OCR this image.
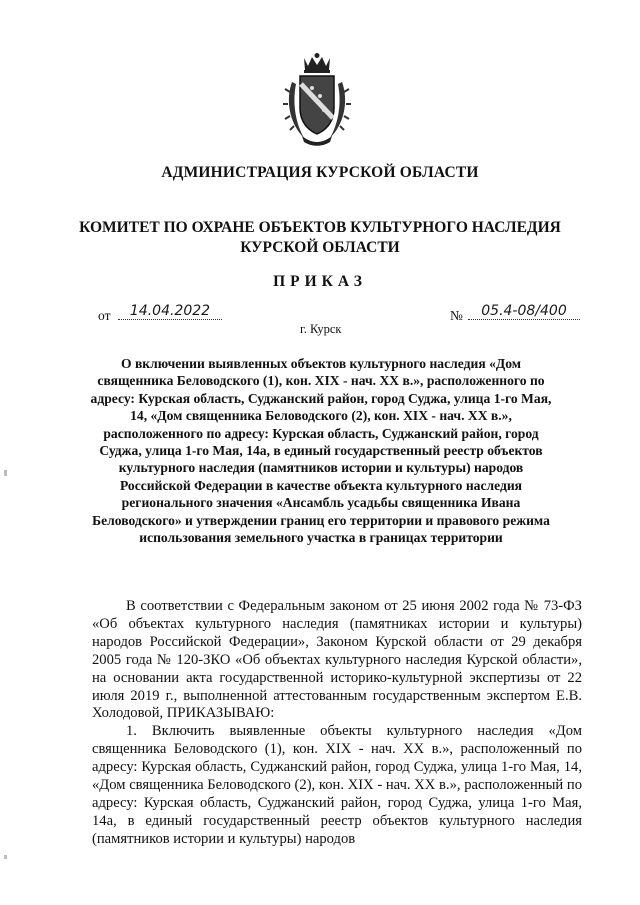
АДМИНИСТРАЦИЯ КУРСКОЙ ОБЛАСТИ
КОМИТЕТ ПО ОХРАНЕ ОБЪЕКТОВ КУЛЬТУРНОГО НАСЛЕДИЯ
КУРСКОЙ ОБЛАСТИ
ПРИКАЗ
от	14.04.2022	№	05.4-08/400
г. Курск
О включении выявленных объектов культурного наследия «Дом священника Беловодского (1), кон. XIX - нач. XX в.», расположенного по адресу: Курская область, Суджанский район, город Суджа, улица 1-го Мая, 14, «Дом священника Беловодского (2), кон. XIX - нач. XX в.», расположенного по адресу: Курская область, Суджанский район, город Суджа, улица 1-го Мая, 14а, в единый государственный реестр объектов культурного наследия (памятников истории и культуры) народов Российской Федерации в качестве объекта культурного наследия регионального значения «Ансамбль усадьбы священника Ивана Беловодского» и утверждении границ его территории и правового режима использования земельного участка в границах территории

В соответствии с Федеральным законом от 25 июня 2002 года № 73-ФЗ «Об объектах культурного наследия (памятниках истории и культуры) народов Российской Федерации», Законом Курской области от 29 декабря 2005 года № 120-ЗКО «Об объектах культурного наследия Курской области», на основании акта государственной историко-культурной экспертизы от 22 июля 2019 г., выполненной аттестованным государственным экспертом Е.В. Холодовой, ПРИКАЗЫВАЮ:

1. Включить выявленные объекты культурного наследия «Дом священника Беловодского (1), кон. XIX - нач. XX в.», расположенный по адресу: Курская область, Суджанский район, город Суджа, улица 1-го Мая, 14, «Дом священника Беловодского (2), кон. XIX - нач. XX в.», расположенный по адресу: Курская область, Суджанский район, город Суджа, улица 1-го Мая, 14а, в единый государственный реестр объектов культурного наследия (памятников истории и культуры) народов
